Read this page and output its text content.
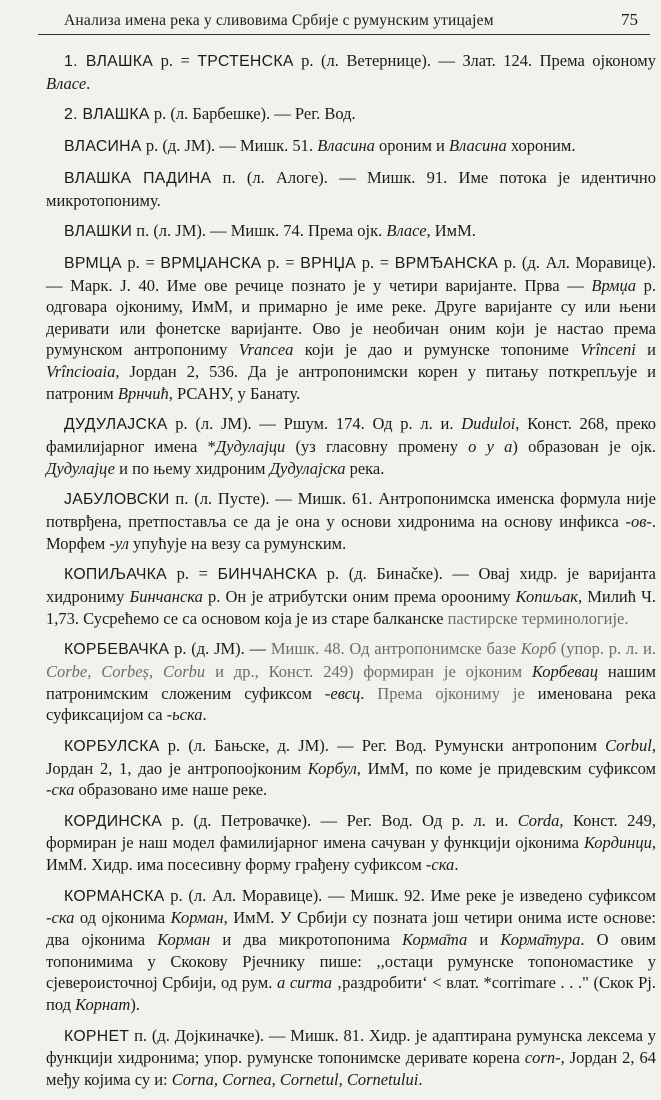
Анализа имена река у сливовима Србије с румунским утицајем	75

1. ВЛАШКА р. = ТРСТЕНСКА р. (л. Ветернице). — Злат. 124. Према ојконому Власе.

2. ВЛАШКА р. (л. Барбешке). — Рег. Вод.

ВЛАСИНА р. (д. ЈМ). — Мишк. 51. Власина ороним и Власина хороним.

ВЛАШКА ПАДИНА п. (л. Алоге). — Мишк. 91. Име потока је идентично микротопониму.

ВЛАШКИ п. (л. ЈМ). — Мишк. 74. Према ојк. Власе, ИмМ.

ВРМЦА р. = ВРМЏАНСКА р. = ВРНЏА р. = ВРМЂАНСКА р. (д. Ал. Моравице). — Марк. Ј. 40. Име ове речице познато је у четири варијанте. Прва — Врмџа р. одговара ојкониму, ИмМ, и примарно је име реке. Друге варијанте су или њени деривати или фонетске варијанте. Ово је необичан оним који је настао према румунском антропониму Vrancea који је дао и румунске топониме Vrînceni и Vrîncioaia, Јордан 2, 536. Да је антропонимски корен у питању поткрепљује и патроним Врнчић, РСАНУ, у Банату.

ДУДУЛАЈСКА р. (л. ЈМ). — Ршум. 174. Од р. л. и. Duduloi, Конст. 268, преко фамилијарног имена *Дудулајци (уз гласовну промену о у а) образован је ојк. Дудулајце и по њему хидроним Дудулајска река.

ЈАБУЛОВСКИ п. (л. Пусте). — Мишк. 61. Антропонимска именска формула није потврђена, претпоставља се да је она у основи хидронима на основу инфикса -ов-. Морфем -ул упућује на везу са румунским.

КОПИЉАЧКА р. = БИНЧАНСКА р. (д. Бинаčке). — Овај хидр. је варијанта хидрониму Бинчанска р. Он је атрибутски оним према ороониму Копиљак, Милић Ч. 1,73. Сусрећемо се са основом која је из старе балканске пастирске терминологије.

КОРБЕВАЧКА р. (д. ЈМ). — Мишк. 48. Од антропонимске базе Корб (упор. р. л. и. Corbe, Corbeș, Corbu и др., Конст. 249) формиран је ојконим Корбевац нашим патронимским сложеним суфиксом -евсц. Према ојкониму је именована река суфиксацијом са -ьска.

КОРБУЛСКА р. (л. Бањске, д. ЈМ). — Рег. Вод. Румунски антропоним Corbul, Јордан 2, 1, дао је антропоојконим Корбул, ИмМ, по коме је придевским суфиксом -ска образовано име наше реке.

КОРДИНСКА р. (д. Петровачке). — Рег. Вод. Од р. л. и. Corda, Конст. 249, формиран је наш модел фамилијарног имена сачуван у функцији ојконима Кординци, ИмМ. Хидр. има посесивну форму грађену суфиксом -ска.

КОРМАНСКА р. (л. Ал. Моравице). — Мишк. 92. Име реке је изведено суфиксом -ска од ојконима Корман, ИмМ. У Србији су позната још четири онима исте основе: два ојконима Корман и два микротопонима Корма̄та и Корма̄тура. О овим топонимима у Скокову Рјечнику пише: ,,остаци румунске топономастике у сјевероисточној Србији, од рум. a curma ‚раздробити‘ < влат. *corrimare . . ." (Скок Рј. под Корнат).

КОРНЕТ п. (д. Дојкиначке). — Мишк. 81. Хидр. је адаптирана румунска лексема у функцији хидронима; упор. румунске топонимске деривате корена corn-, Јордан 2, 64 међу којима су и: Corna, Cornea, Cornetul, Cornetului.
